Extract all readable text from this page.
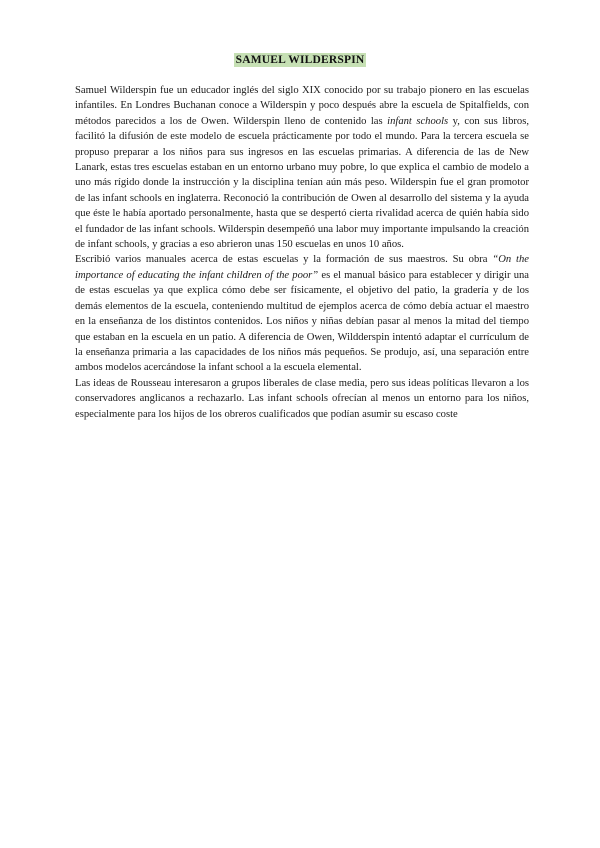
SAMUEL WILDERSPIN

Samuel Wilderspin fue un educador inglés del siglo XIX conocido por su trabajo pionero en las escuelas infantiles. En Londres Buchanan conoce a Wilderspin y poco después abre la escuela de Spitalfields, con métodos parecidos a los de Owen. Wilderspin lleno de contenido las infant schools y, con sus libros, facilitó la difusión de este modelo de escuela prácticamente por todo el mundo. Para la tercera escuela se propuso preparar a los niños para sus ingresos en las escuelas primarias. A diferencia de las de New Lanark, estas tres escuelas estaban en un entorno urbano muy pobre, lo que explica el cambio de modelo a uno más rígido donde la instrucción y la disciplina tenían aún más peso. Wilderspin fue el gran promotor de las infant schools en inglaterra. Reconoció la contribución de Owen al desarrollo del sistema y la ayuda que éste le había aportado personalmente, hasta que se despertó cierta rivalidad acerca de quién había sido el fundador de las infant schools. Wilderspin desempeñó una labor muy importante impulsando la creación de infant schools, y gracias a eso abrieron unas 150 escuelas en unos 10 años.

Escribió varios manuales acerca de estas escuelas y la formación de sus maestros. Su obra “On the importance of educating the infant children of the poor” es el manual básico para establecer y dirigir una de estas escuelas ya que explica cómo debe ser físicamente, el objetivo del patio, la gradería y de los demás elementos de la escuela, conteniendo multitud de ejemplos acerca de cómo debía actuar el maestro en la enseñanza de los distintos contenidos. Los niños y niñas debían pasar al menos la mitad del tiempo que estaban en la escuela en un patio. A diferencia de Owen, Wildderspin intentó adaptar el currículum de la enseñanza primaria a las capacidades de los niños más pequeños. Se produjo, así, una separación entre ambos modelos acercándose la infant school a la escuela elemental.

Las ideas de Rousseau interesaron a grupos liberales de clase media, pero sus ideas políticas llevaron a los conservadores anglicanos a rechazarlo. Las infant schools ofrecían al menos un entorno para los niños, especialmente para los hijos de los obreros cualificados que podían asumir su escaso coste
